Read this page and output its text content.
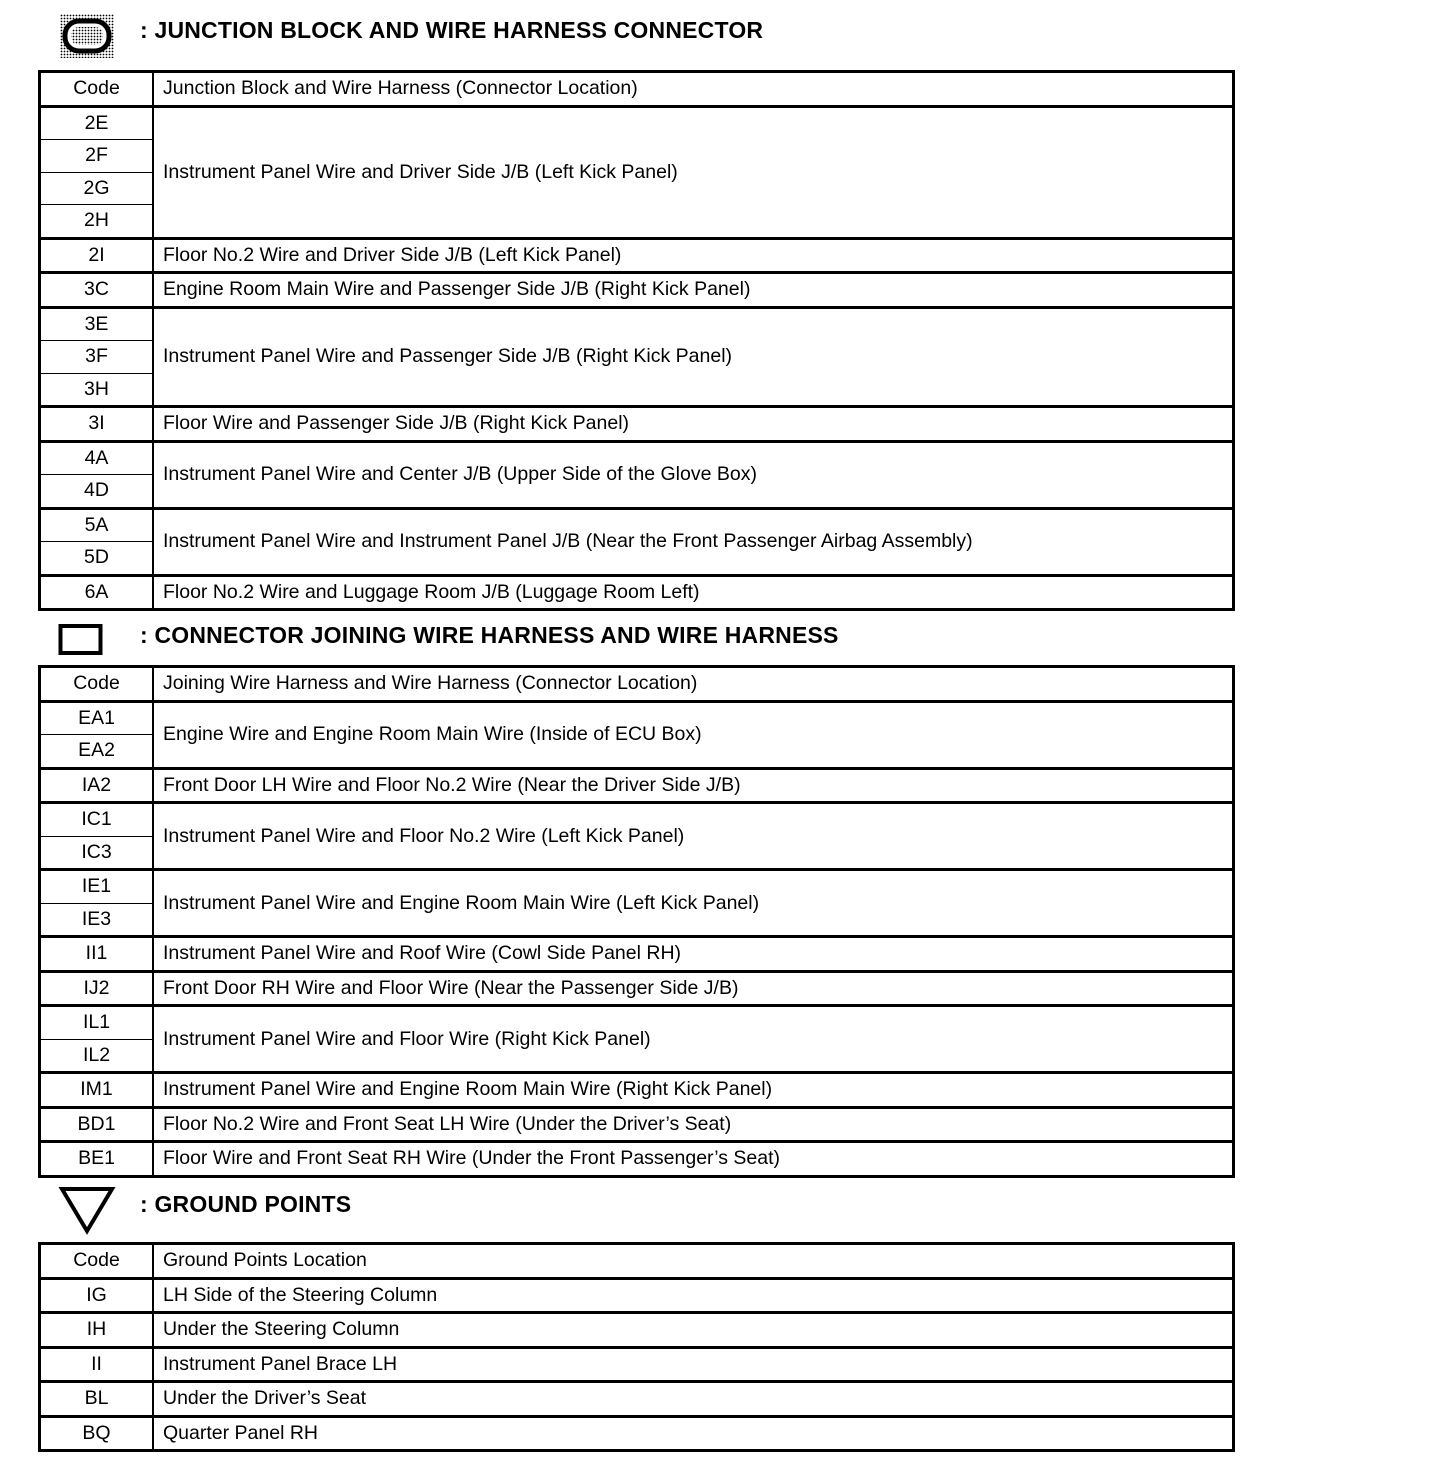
: JUNCTION BLOCK AND WIRE HARNESS CONNECTOR
Code	Junction Block and Wire Harness (Connector Location)
2E	Instrument Panel Wire and Driver Side J/B (Left Kick Panel)
2F	
2G	
2H	
2I	Floor No.2 Wire and Driver Side J/B (Left Kick Panel)
3C	Engine Room Main Wire and Passenger Side J/B (Right Kick Panel)
3E	Instrument Panel Wire and Passenger Side J/B (Right Kick Panel)
3F	
3H	
3I	Floor Wire and Passenger Side J/B (Right Kick Panel)
4A	Instrument Panel Wire and Center J/B (Upper Side of the Glove Box)
4D	
5A	Instrument Panel Wire and Instrument Panel J/B (Near the Front Passenger Airbag Assembly)
5D	
6A	Floor No.2 Wire and Luggage Room J/B (Luggage Room Left)
: CONNECTOR JOINING WIRE HARNESS AND WIRE HARNESS
Code	Joining Wire Harness and Wire Harness (Connector Location)
EA1	Engine Wire and Engine Room Main Wire (Inside of ECU Box)
EA2	
IA2	Front Door LH Wire and Floor No.2 Wire (Near the Driver Side J/B)
IC1	Instrument Panel Wire and Floor No.2 Wire (Left Kick Panel)
IC3	
IE1	Instrument Panel Wire and Engine Room Main Wire (Left Kick Panel)
IE3	
II1	Instrument Panel Wire and Roof Wire (Cowl Side Panel RH)
IJ2	Front Door RH Wire and Floor Wire (Near the Passenger Side J/B)
IL1	Instrument Panel Wire and Floor Wire (Right Kick Panel)
IL2	
IM1	Instrument Panel Wire and Engine Room Main Wire (Right Kick Panel)
BD1	Floor No.2 Wire and Front Seat LH Wire (Under the Driver’s Seat)
BE1	Floor Wire and Front Seat RH Wire (Under the Front Passenger’s Seat)
: GROUND POINTS
Code	Ground Points Location
IG	LH Side of the Steering Column
IH	Under the Steering Column
II	Instrument Panel Brace LH
BL	Under the Driver’s Seat
BQ	Quarter Panel RH
